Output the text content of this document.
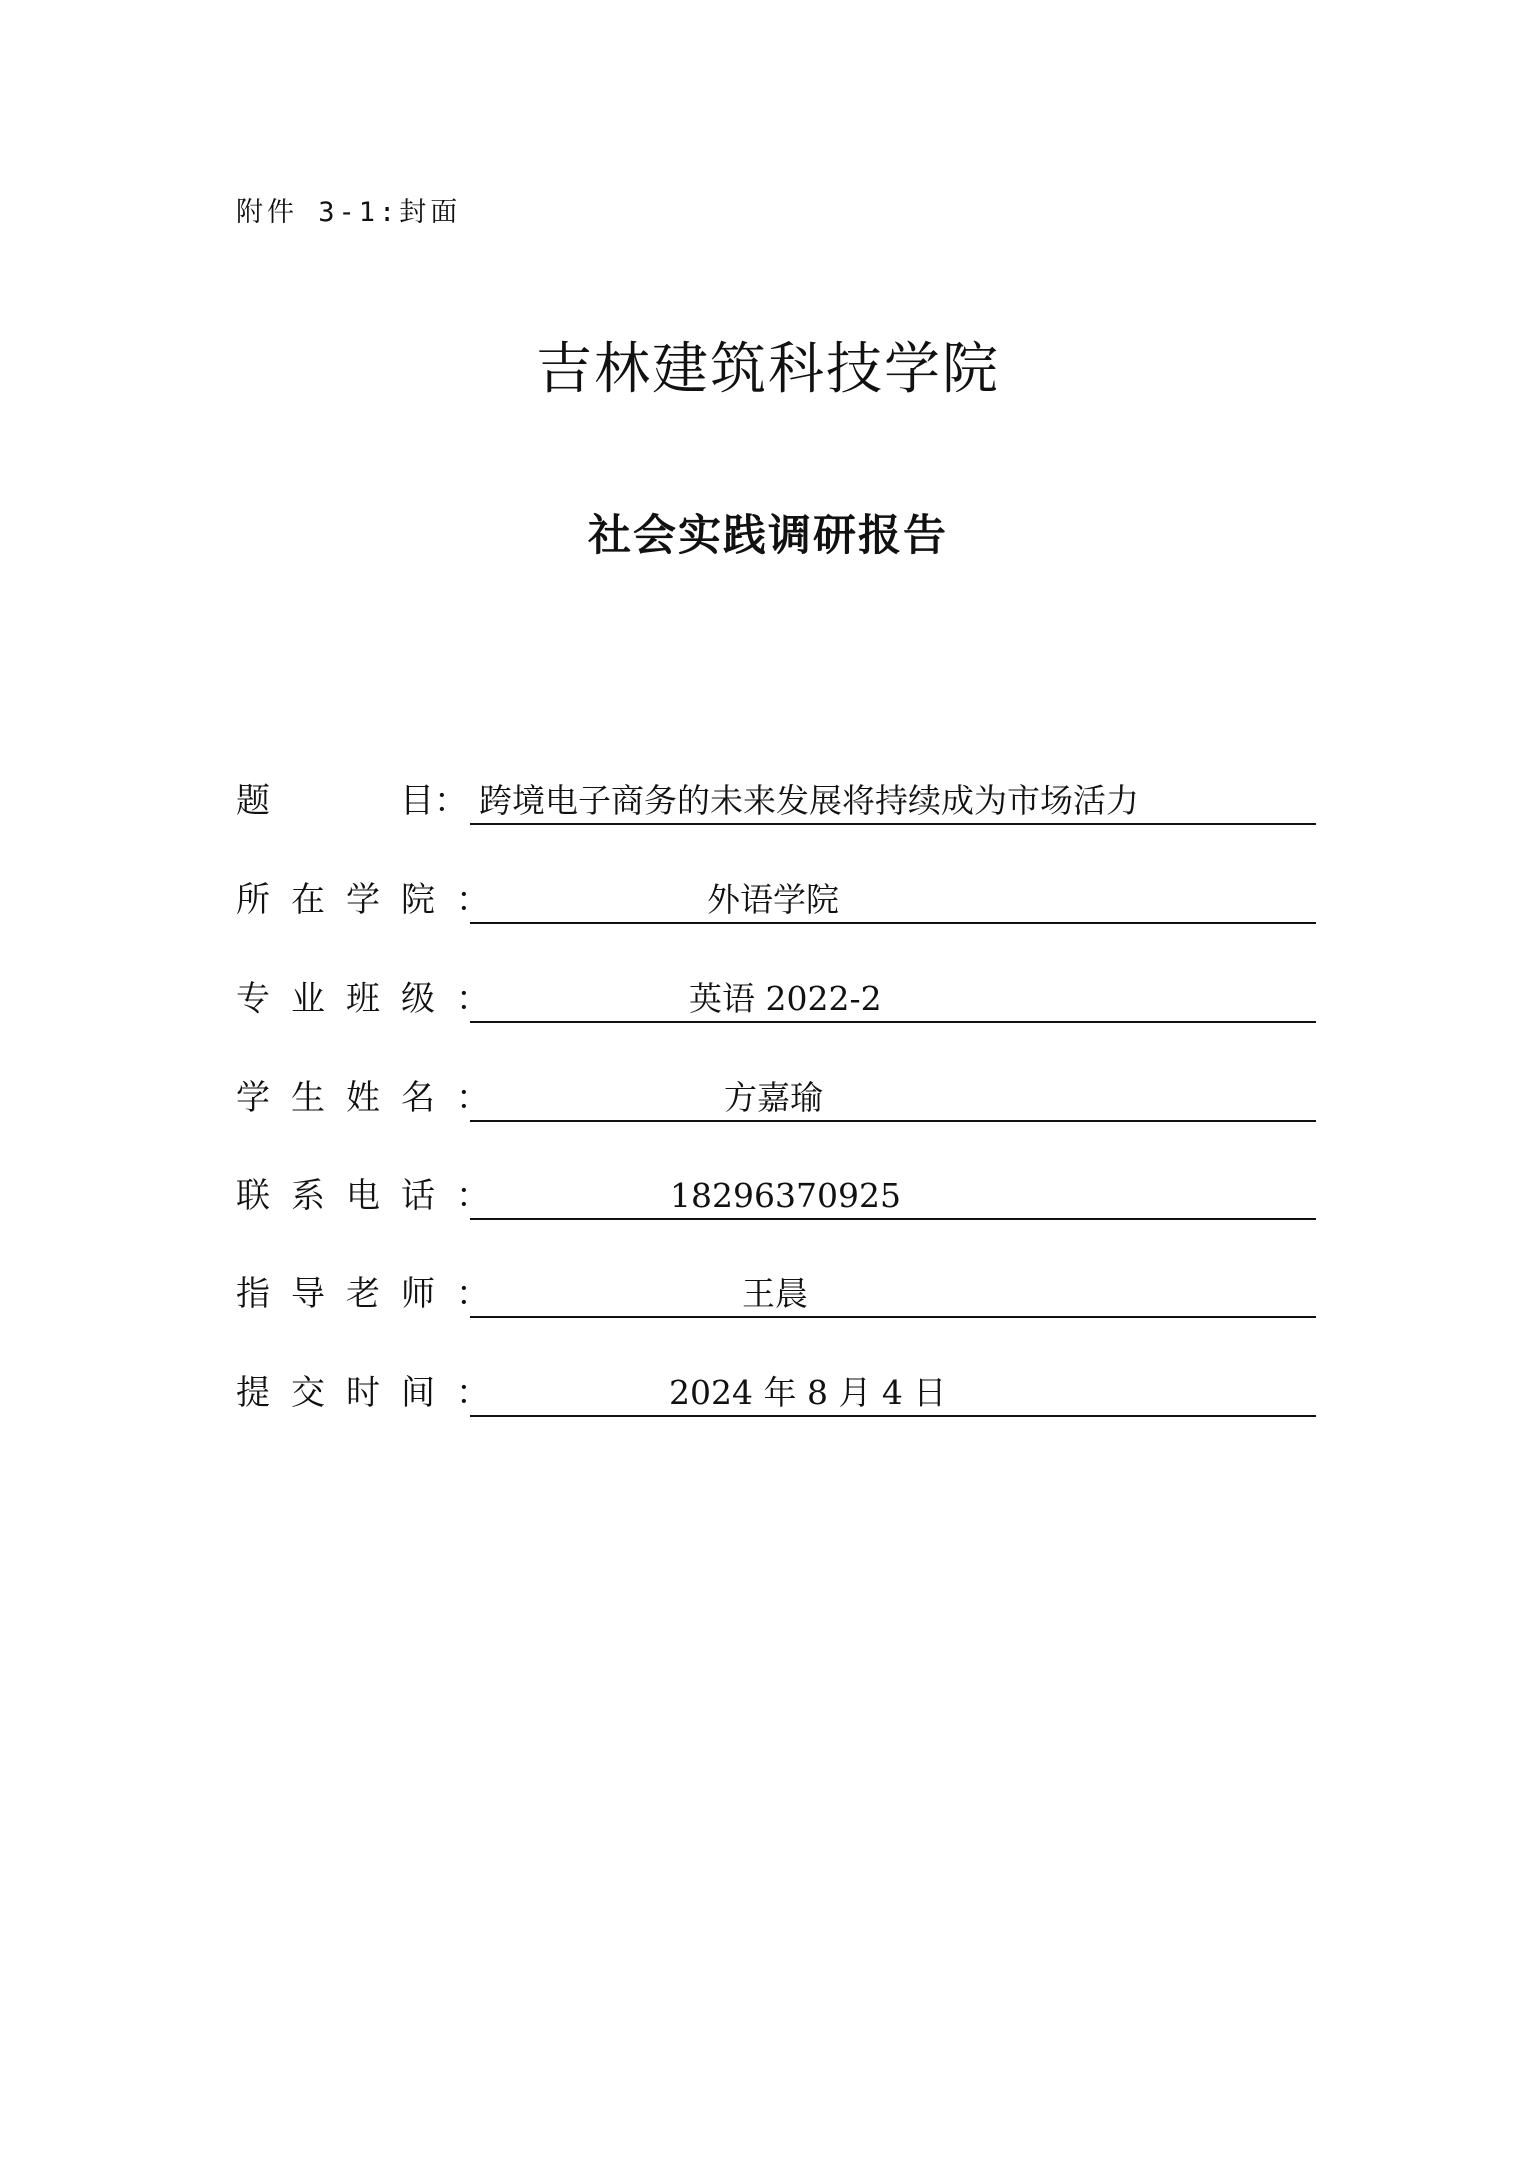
附件 3-1:封面
吉林建筑科技学院
社会实践调研报告
题	目： 跨境电子商务的未来发展将持续成为市场活力
所在学院：	外语学院
专业班级：	英语 2022-2
学生姓名：	方嘉瑜
联系电话：	18296370925
指导老师：	王晨
提交时间：	2024 年 8 月 4 日
